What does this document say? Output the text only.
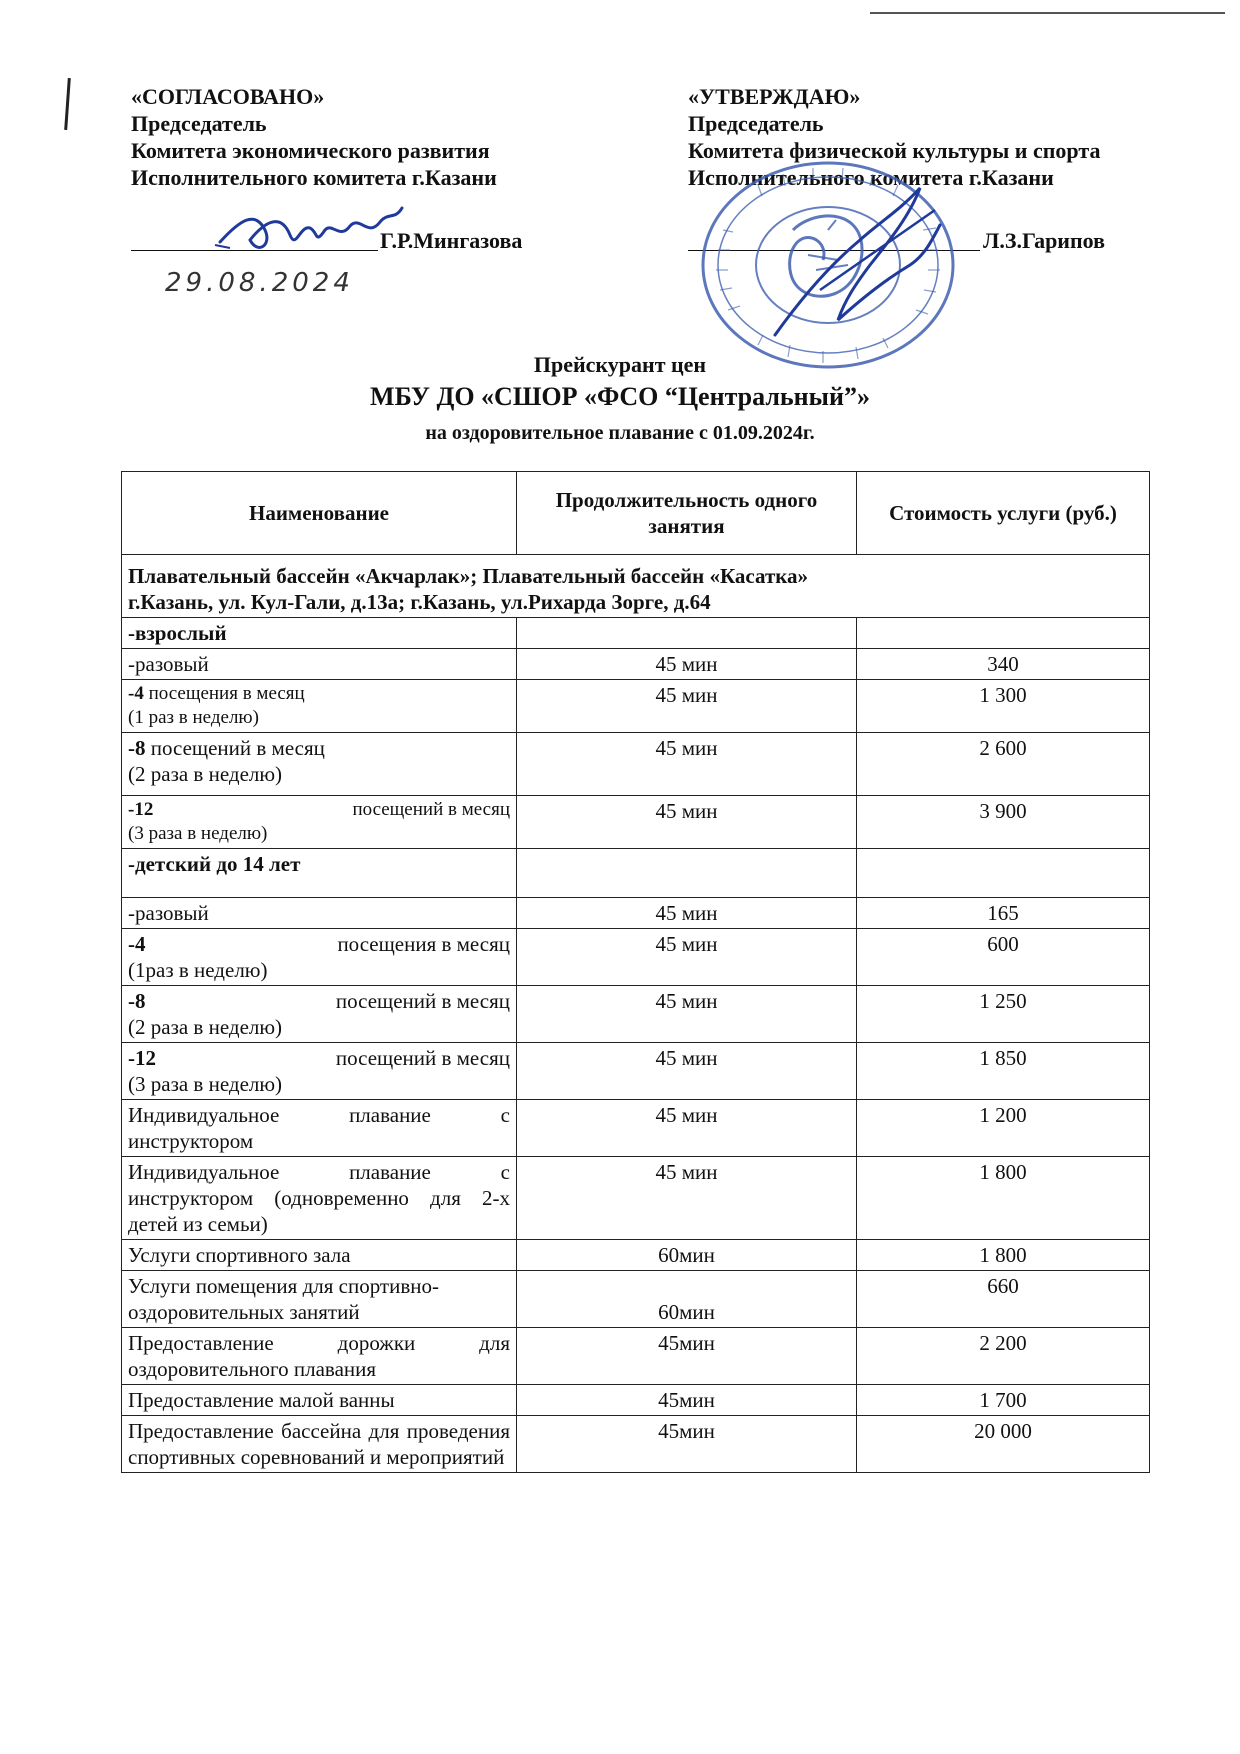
«СОГЛАСОВАНО»
Председатель
Комитета экономического развития
Исполнительного комитета г.Казани
Г.Р.Мингазова
29.08.2024
«УТВЕРЖДАЮ»
Председатель
Комитета физической культуры и спорта
Исполнительного комитета г.Казани
Л.З.Гарипов
Прейскурант цен
МБУ ДО «СШОР «ФСО “Центральный”»
на оздоровительное плавание с 01.09.2024г.
Наименование	Продолжительность одного занятия	Стоимость услуги (руб.)

Плавательный бассейн «Акчарлак»; Плавательный бассейн «Касатка»
г.Казань, ул. Кул-Гали, д.13а; г.Казань, ул.Рихарда Зорге, д.64		

-взрослый		
-разовый	45 мин	340
-4 посещения в месяц
(1 раз в неделю)	45 мин	1 300
-8 посещений в месяц
(2 раза в неделю)	45 мин	2 600

-12 посещений в месяц
(3 раза в неделю)	45 мин	3 900
-детский до 14 лет		
-разовый	45 мин	165

-4 посещения в месяц
(1раз в неделю)	45 мин	600

-8 посещений в месяц
(2 раза в неделю)	45 мин	1 250

-12 посещений в месяц
(3 раза в неделю)	45 мин	1 850
Индивидуальное плавание с инструктором	45 мин	1 200
Индивидуальное плавание с инструктором (одновременно для 2-х детей из семьи)	45 мин	1 800
Услуги спортивного зала	60мин	1 800
Услуги помещения для спортивно-оздоровительных занятий	60мин	660
Предоставление дорожки для оздоровительного плавания	45мин	2 200
Предоставление малой ванны	45мин	1 700
Предоставление бассейна для проведения спортивных соревнований и мероприятий	45мин	20 000
